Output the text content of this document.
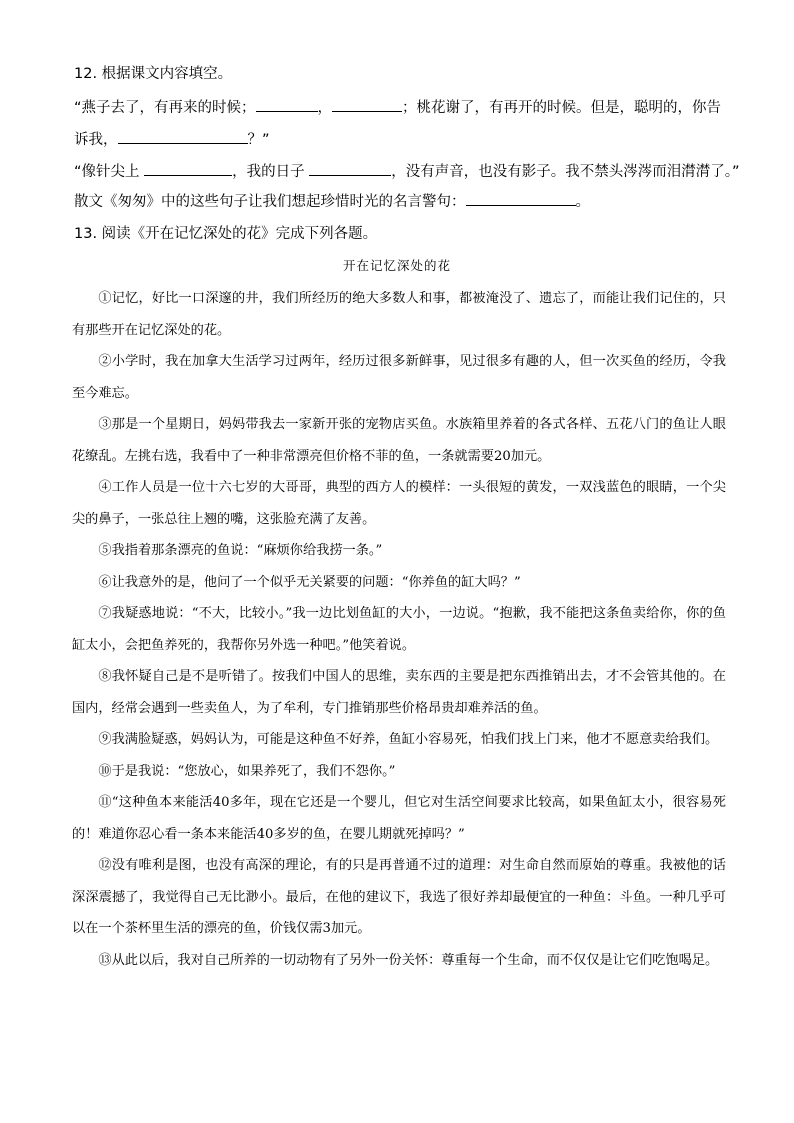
12. 根据课文内容填空。
“燕子去了，有再来的时候；	，	；桃花谢了，有再开的时候。但是，聪明的，你告
诉我，	？”
“像针尖上	，我的日子	，没有声音，也没有影子。我不禁头涔涔而泪潸潸了。”
散文《匆匆》中的这些句子让我们想起珍惜时光的名言警句：	。
13. 阅读《开在记忆深处的花》完成下列各题。
开在记忆深处的花

①记忆，好比一口深邃的井，我们所经历的绝大多数人和事，都被淹没了、遗忘了，而能让我们记住的，只有那些开在记忆深处的花。

②小学时，我在加拿大生活学习过两年，经历过很多新鲜事，见过很多有趣的人，但一次买鱼的经历，令我至今难忘。

③那是一个星期日，妈妈带我去一家新开张的宠物店买鱼。水族箱里养着的各式各样、五花八门的鱼让人眼花缭乱。左挑右选，我看中了一种非常漂亮但价格不菲的鱼，一条就需要20加元。

④工作人员是一位十六七岁的大哥哥，典型的西方人的模样：一头很短的黄发，一双浅蓝色的眼睛，一个尖尖的鼻子，一张总往上翘的嘴，这张脸充满了友善。

⑤我指着那条漂亮的鱼说：“麻烦你给我捞一条。”

⑥让我意外的是，他问了一个似乎无关紧要的问题：“你养鱼的缸大吗？”

⑦我疑惑地说：“不大，比较小。”我一边比划鱼缸的大小，一边说。“抱歉，我不能把这条鱼卖给你，你的鱼缸太小，会把鱼养死的，我帮你另外选一种吧。”他笑着说。

⑧我怀疑自己是不是听错了。按我们中国人的思维，卖东西的主要是把东西推销出去，才不会管其他的。在国内，经常会遇到一些卖鱼人，为了牟利，专门推销那些价格昂贵却难养活的鱼。

⑨我满脸疑惑，妈妈认为，可能是这种鱼不好养，鱼缸小容易死，怕我们找上门来，他才不愿意卖给我们。

⑩于是我说：“您放心，如果养死了，我们不怨你。”

⑪“这种鱼本来能活40多年，现在它还是一个婴儿，但它对生活空间要求比较高，如果鱼缸太小，很容易死的！难道你忍心看一条本来能活40多岁的鱼，在婴儿期就死掉吗？”

⑫没有唯利是图，也没有高深的理论，有的只是再普通不过的道理：对生命自然而原始的尊重。我被他的话深深震撼了，我觉得自己无比渺小。最后，在他的建议下，我选了很好养却最便宜的一种鱼：斗鱼。一种几乎可以在一个茶杯里生活的漂亮的鱼，价钱仅需3加元。

⑬从此以后，我对自己所养的一切动物有了另外一份关怀：尊重每一个生命，而不仅仅是让它们吃饱喝足。
